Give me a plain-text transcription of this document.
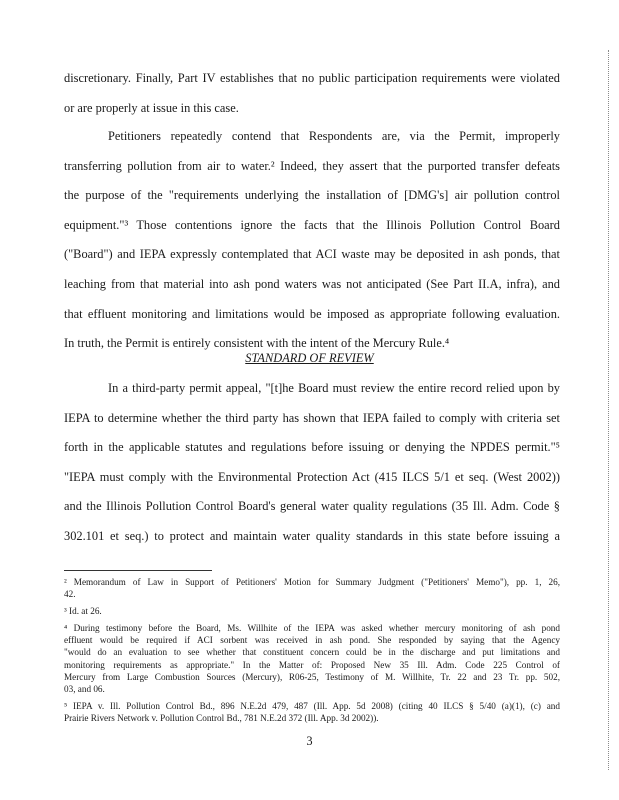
discretionary. Finally, Part IV establishes that no public participation requirements were violated
or are properly at issue in this case.
Petitioners repeatedly contend that Respondents are, via the Permit, improperly
transferring pollution from air to water.² Indeed, they assert that the purported transfer defeats
the purpose of the "requirements underlying the installation of [DMG's] air pollution control
equipment."³ Those contentions ignore the facts that the Illinois Pollution Control Board
("Board") and IEPA expressly contemplated that ACI waste may be deposited in ash ponds, that
leaching from that material into ash pond waters was not anticipated (See Part II.A, infra), and
that effluent monitoring and limitations would be imposed as appropriate following evaluation.
In truth, the Permit is entirely consistent with the intent of the Mercury Rule.⁴
STANDARD OF REVIEW
In a third-party permit appeal, "[t]he Board must review the entire record relied upon by
IEPA to determine whether the third party has shown that IEPA failed to comply with criteria set
forth in the applicable statutes and regulations before issuing or denying the NPDES permit."⁵
"IEPA must comply with the Environmental Protection Act (415 ILCS 5/1 et seq. (West 2002))
and the Illinois Pollution Control Board's general water quality regulations (35 Ill. Adm. Code §
302.101 et seq.) to protect and maintain water quality standards in this state before issuing a
² Memorandum of Law in Support of Petitioners' Motion for Summary Judgment ("Petitioners' Memo"), pp. 1, 26,
42.
³ Id. at 26.
⁴ During testimony before the Board, Ms. Willhite of the IEPA was asked whether mercury monitoring of ash pond
effluent would be required if ACI sorbent was received in ash pond. She responded by saying that the Agency
"would do an evaluation to see whether that constituent concern could be in the discharge and put limitations and
monitoring requirements as appropriate." In the Matter of: Proposed New 35 Ill. Adm. Code 225 Control of
Mercury from Large Combustion Sources (Mercury), R06-25, Testimony of M. Willhite, Tr. 22 and 23 Tr. pp. 502,
03, and 06.
⁵ IEPA v. Ill. Pollution Control Bd., 896 N.E.2d 479, 487 (Ill. App. 5d 2008) (citing 40 ILCS § 5/40 (a)(1), (c) and
Prairie Rivers Network v. Pollution Control Bd., 781 N.E.2d 372 (Ill. App. 3d 2002)).
3
